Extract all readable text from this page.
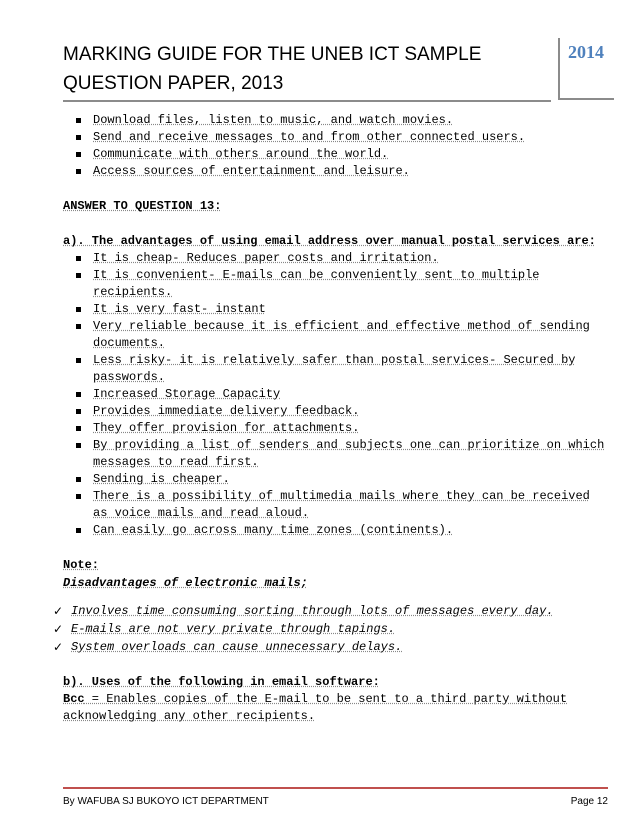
MARKING GUIDE FOR THE UNEB ICT SAMPLE QUESTION PAPER, 2013
2014
Download files, listen to music, and watch movies.
Send and receive messages to and from other connected users.
Communicate with others around the world.
Access sources of entertainment and leisure.

ANSWER TO QUESTION 13:

a). The advantages of using email address over manual postal services are:

It is cheap- Reduces paper costs and irritation.
It is convenient- E-mails can be conveniently sent to multiple recipients.
It is very fast- instant
Very reliable because it is efficient and effective method of sending documents.
Less risky- it is relatively safer than postal services- Secured by passwords.
Increased Storage Capacity
Provides immediate delivery feedback.
They offer provision for attachments.
By providing a list of senders and subjects one can prioritize on which messages to read first.
Sending is cheaper.
There is a possibility of multimedia mails where they can be received as voice mails and read aloud.
Can easily go across many time zones (continents).

Note:

Disadvantages of electronic mails;

✓ Involves time consuming sorting through lots of messages every day.
✓ E-mails are not very private through tapings.
✓ System overloads can cause unnecessary delays.

b). Uses of the following in email software:

Bcc = Enables copies of the E-mail to be sent to a third party without acknowledging any other recipients.

By WAFUBA SJ BUKOYO ICT DEPARTMENT	Page 12
